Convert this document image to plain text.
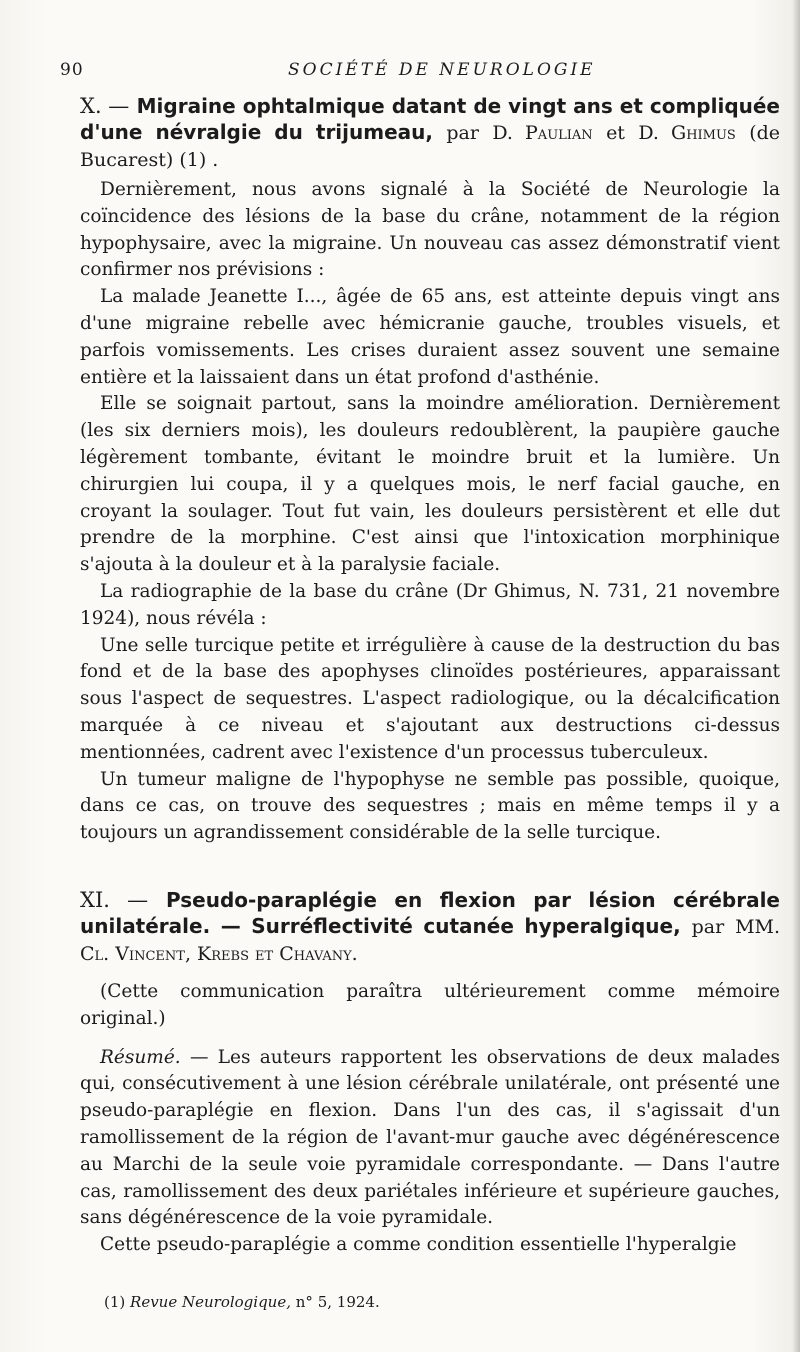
90	SOCIÉTÉ DE NEUROLOGIE
X. — Migraine ophtalmique datant de vingt ans et compliquée d'une névralgie du trijumeau, par D. Paulian et D. Ghimus (de Bucarest) (1) .

Dernièrement, nous avons signalé à la Société de Neurologie la coïncidence des lésions de la base du crâne, notamment de la région hypophysaire, avec la migraine. Un nouveau cas assez démonstratif vient confirmer nos prévisions :

La malade Jeanette I..., âgée de 65 ans, est atteinte depuis vingt ans d'une migraine rebelle avec hémicranie gauche, troubles visuels, et parfois vomissements. Les crises duraient assez souvent une semaine entière et la laissaient dans un état profond d'asthénie.

Elle se soignait partout, sans la moindre amélioration. Dernièrement (les six derniers mois), les douleurs redoublèrent, la paupière gauche légèrement tombante, évitant le moindre bruit et la lumière. Un chirurgien lui coupa, il y a quelques mois, le nerf facial gauche, en croyant la soulager. Tout fut vain, les douleurs persistèrent et elle dut prendre de la morphine. C'est ainsi que l'intoxication morphinique s'ajouta à la douleur et à la paralysie faciale.

La radiographie de la base du crâne (Dr Ghimus, N. 731, 21 novembre 1924), nous révéla :

Une selle turcique petite et irrégulière à cause de la destruction du bas fond et de la base des apophyses clinoïdes postérieures, apparaissant sous l'aspect de sequestres. L'aspect radiologique, ou la décalcification marquée à ce niveau et s'ajoutant aux destructions ci-dessus mentionnées, cadrent avec l'existence d'un processus tuberculeux.

Un tumeur maligne de l'hypophyse ne semble pas possible, quoique, dans ce cas, on trouve des sequestres ; mais en même temps il y a toujours un agrandissement considérable de la selle turcique.

XI. — Pseudo-paraplégie en flexion par lésion cérébrale unilatérale. — Surréflectivité cutanée hyperalgique, par MM. Cl. Vincent, Krebs et Chavany.

(Cette communication paraîtra ultérieurement comme mémoire original.)

Résumé. — Les auteurs rapportent les observations de deux malades qui, consécutivement à une lésion cérébrale unilatérale, ont présenté une pseudo-paraplégie en flexion. Dans l'un des cas, il s'agissait d'un ramollissement de la région de l'avant-mur gauche avec dégénérescence au Marchi de la seule voie pyramidale correspondante. — Dans l'autre cas, ramollissement des deux pariétales inférieure et supérieure gauches, sans dégénérescence de la voie pyramidale.

Cette pseudo-paraplégie a comme condition essentielle l'hyperalgie

(1) Revue Neurologique, n° 5, 1924.
